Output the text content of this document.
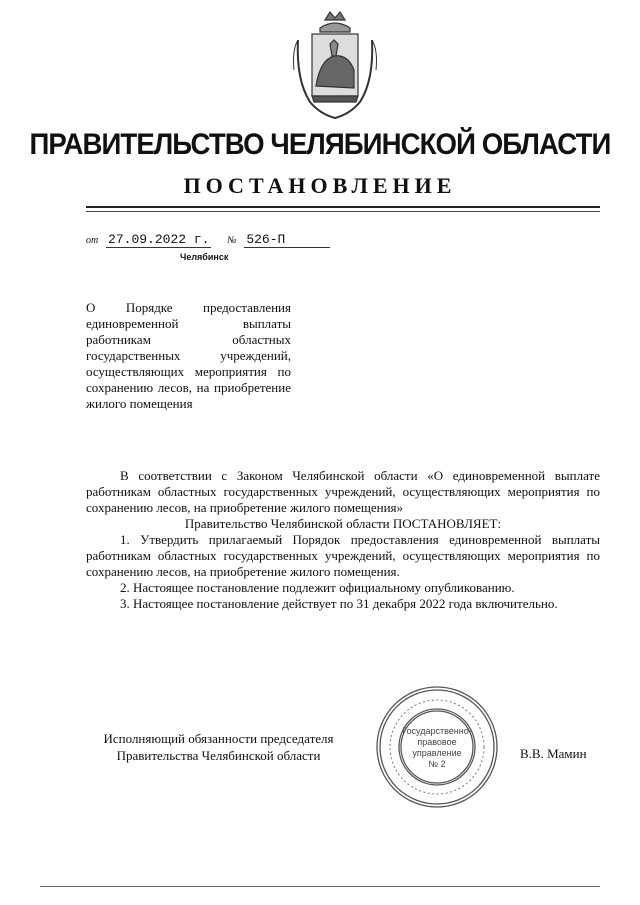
ПРАВИТЕЛЬСТВО ЧЕЛЯБИНСКОЙ ОБЛАСТИ
ПОСТАНОВЛЕНИЕ
от 27.09.2022 г. № 526-П
Челябинск
О Порядке предоставления единовременной выплаты работникам областных государственных учреждений, осуществляющих мероприятия по сохранению лесов, на приобретение жилого помещения
В соответствии с Законом Челябинской области «О единовременной выплате работникам областных государственных учреждений, осуществляющих мероприятия по сохранению лесов, на приобретение жилого помещения»
Правительство Челябинской области ПОСТАНОВЛЯЕТ:
1. Утвердить прилагаемый Порядок предоставления единовременной выплаты работникам областных государственных учреждений, осуществляющих мероприятия по сохранению лесов, на приобретение жилого помещения.
2. Настоящее постановление подлежит официальному опубликованию.
3. Настоящее постановление действует по 31 декабря 2022 года включительно.
Исполняющий обязанности председателя
Правительства Челябинской области	В.В. Мамин
Государственно-
правовое
управление
№ 2
